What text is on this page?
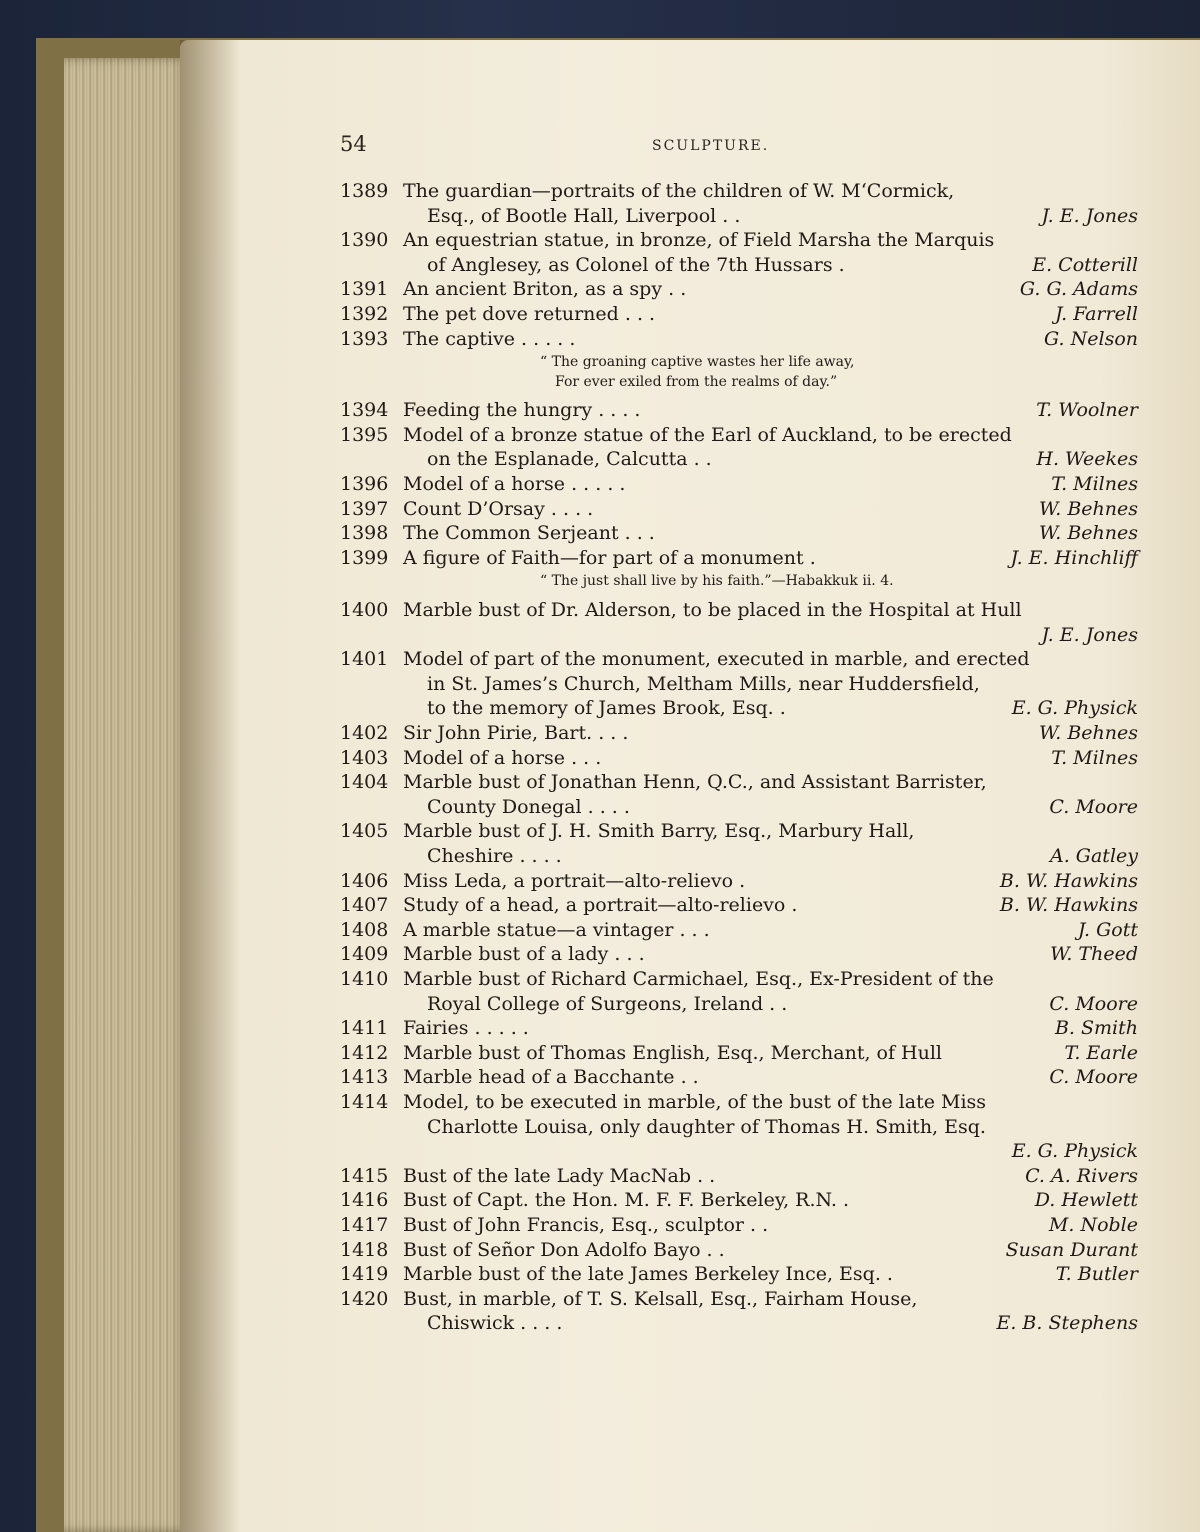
54	SCULPTURE.
1389 The guardian—portraits of the children of W. M‘Cormick,
Esq., of Bootle Hall, Liverpool . .	J. E. Jones
1390 An equestrian statue, in bronze, of Field Marsha the Marquis
of Anglesey, as Colonel of the 7th Hussars .	E. Cotterill
1391 An ancient Briton, as a spy . .	G. G. Adams
1392 The pet dove returned . . .	J. Farrell
1393 The captive . . . . .	G. Nelson
“ The groaning captive wastes her life away,
For ever exiled from the realms of day.”
1394 Feeding the hungry . . . .	T. Woolner
1395 Model of a bronze statue of the Earl of Auckland, to be erected
on the Esplanade, Calcutta . .	H. Weekes
1396 Model of a horse . . . . .	T. Milnes
1397 Count D’Orsay . . . .	W. Behnes
1398 The Common Serjeant . . .	W. Behnes
1399 A figure of Faith—for part of a monument .	J. E. Hinchliff
“ The just shall live by his faith.”—Habakkuk ii. 4.
1400 Marble bust of Dr. Alderson, to be placed in the Hospital at Hull
J. E. Jones
1401 Model of part of the monument, executed in marble, and erected
in St. James’s Church, Meltham Mills, near Huddersfield,
to the memory of James Brook, Esq. .	E. G. Physick
1402 Sir John Pirie, Bart. . . .	W. Behnes
1403 Model of a horse . . .	T. Milnes
1404 Marble bust of Jonathan Henn, Q.C., and Assistant Barrister,
County Donegal . . . .	C. Moore
1405 Marble bust of J. H. Smith Barry, Esq., Marbury Hall,
Cheshire . . . .	A. Gatley
1406 Miss Leda, a portrait—alto-relievo .	B. W. Hawkins
1407 Study of a head, a portrait—alto-relievo .	B. W. Hawkins
1408 A marble statue—a vintager . . .	J. Gott
1409 Marble bust of a lady . . .	W. Theed
1410 Marble bust of Richard Carmichael, Esq., Ex-President of the
Royal College of Surgeons, Ireland . .	C. Moore
1411 Fairies . . . . .	B. Smith
1412 Marble bust of Thomas English, Esq., Merchant, of Hull	T. Earle
1413 Marble head of a Bacchante . .	C. Moore
1414 Model, to be executed in marble, of the bust of the late Miss
Charlotte Louisa, only daughter of Thomas H. Smith, Esq.
E. G. Physick
1415 Bust of the late Lady MacNab . .	C. A. Rivers
1416 Bust of Capt. the Hon. M. F. F. Berkeley, R.N. .	D. Hewlett
1417 Bust of John Francis, Esq., sculptor . .	M. Noble
1418 Bust of Señor Don Adolfo Bayo . .	Susan Durant
1419 Marble bust of the late James Berkeley Ince, Esq. .	T. Butler
1420 Bust, in marble, of T. S. Kelsall, Esq., Fairham House,
Chiswick . . . .	E. B. Stephens
